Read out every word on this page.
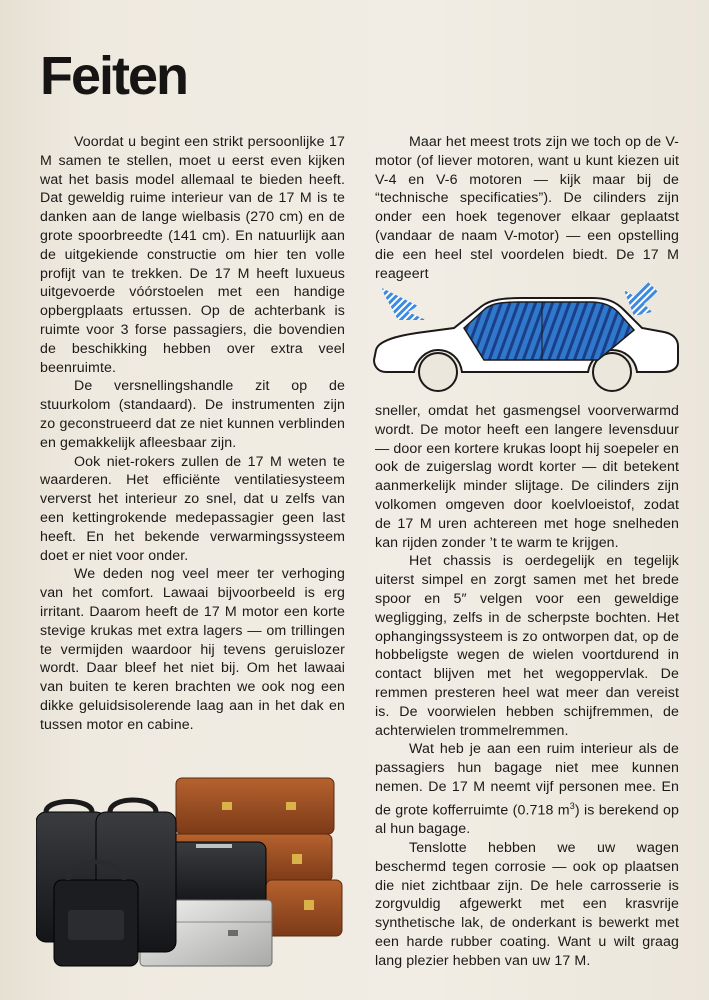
Feiten

Voordat u begint een strikt persoonlijke 17 M samen te stellen, moet u eerst even kijken wat het basis model allemaal te bieden heeft. Dat geweldig ruime interieur van de 17 M is te danken aan de lange wielbasis (270 cm) en de grote spoorbreedte (141 cm). En natuurlijk aan de uitgekiende constructie om hier ten volle profijt van te trekken. De 17 M heeft luxueus uitgevoerde vóórstoelen met een handige opbergplaats ertussen. Op de achterbank is ruimte voor 3 forse passagiers, die bovendien de beschikking hebben over extra veel beenruimte.

De versnellingshandle zit op de stuurkolom (standaard). De instrumenten zijn zo geconstrueerd dat ze niet kunnen verblinden en gemakkelijk afleesbaar zijn.

Ook niet-rokers zullen de 17 M weten te waarderen. Het efficiënte ventilatiesysteem ververst het interieur zo snel, dat u zelfs van een kettingrokende medepassagier geen last heeft. En het bekende verwarmingssysteem doet er niet voor onder.

We deden nog veel meer ter verhoging van het comfort. Lawaai bijvoorbeeld is erg irritant. Daarom heeft de 17 M motor een korte stevige krukas met extra lagers — om trillingen te vermijden waardoor hij tevens geruislozer wordt. Daar bleef het niet bij. Om het lawaai van buiten te keren brachten we ook nog een dikke geluidsisolerende laag aan in het dak en tussen motor en cabine.

Maar het meest trots zijn we toch op de V-motor (of liever motoren, want u kunt kiezen uit V-4 en V-6 motoren — kijk maar bij de “technische specificaties”). De cilinders zijn onder een hoek tegenover elkaar geplaatst (vandaar de naam V-motor) — een opstelling die een heel stel voordelen biedt. De 17 M reageert

sneller, omdat het gasmengsel voorverwarmd wordt. De motor heeft een langere levensduur — door een kortere krukas loopt hij soepeler en ook de zuigerslag wordt korter — dit betekent aanmerkelijk minder slijtage. De cilinders zijn volkomen omgeven door koelvloeistof, zodat de 17 M uren achtereen met hoge snelheden kan rijden zonder ’t te warm te krijgen.

Het chassis is oerdegelijk en tegelijk uiterst simpel en zorgt samen met het brede spoor en 5″ velgen voor een geweldige wegligging, zelfs in de scherpste bochten. Het ophangingssysteem is zo ontworpen dat, op de hobbeligste wegen de wielen voortdurend in contact blijven met het wegoppervlak. De remmen presteren heel wat meer dan vereist is. De voorwielen hebben schijfremmen, de achterwielen trommelremmen.

Wat heb je aan een ruim interieur als de passagiers hun bagage niet mee kunnen nemen. De 17 M neemt vijf personen mee. En de grote kofferruimte (0.718 $m^3$) is berekend op al hun bagage.

Tenslotte hebben we uw wagen beschermd tegen corrosie — ook op plaatsen die niet zichtbaar zijn. De hele carrosserie is zorgvuldig afgewerkt met een krasvrije synthetische lak, de onderkant is bewerkt met een harde rubber coating. Want u wilt graag lang plezier hebben van uw 17 M.
